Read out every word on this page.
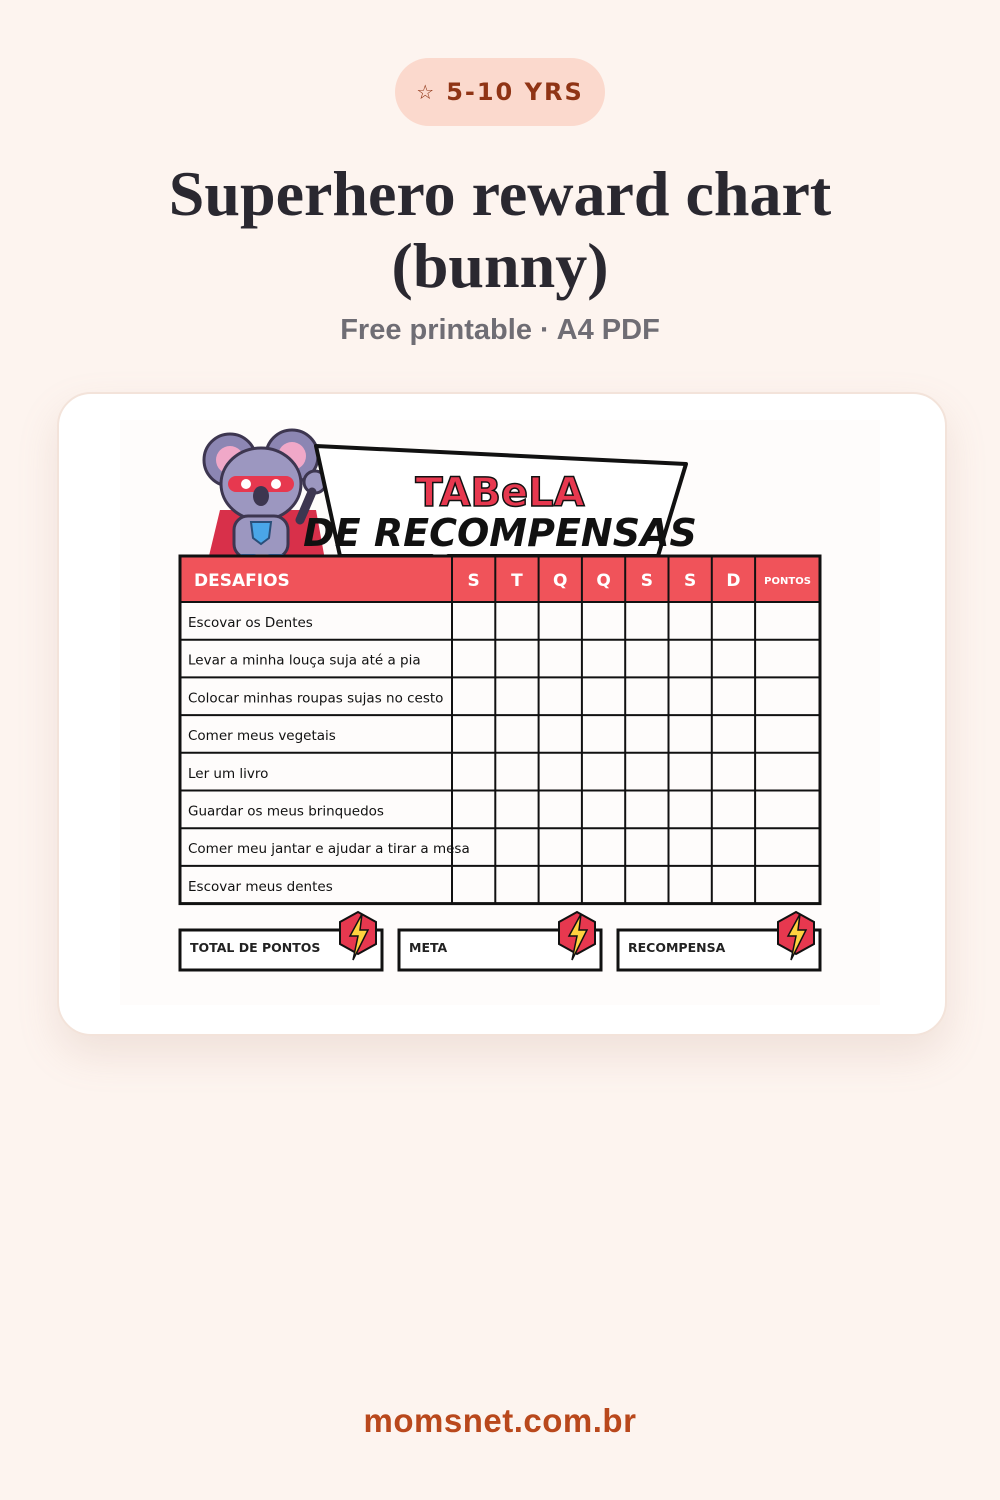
☆ 5-10 YRS
Superhero reward chart
(bunny)
Free printable · A4 PDF
TABeLA
DE RECOMPENSAS
DESAFIOS	S T Q Q S S D PONTOS
Escovar os Dentes
Levar a minha louça suja até a pia
Colocar minhas roupas sujas no cesto
Comer meus vegetais
Ler um livro
Guardar os meus brinquedos
Comer meu jantar e ajudar a tirar a mesa
Escovar meus dentes
TOTAL DE PONTOS	META	RECOMPENSA
momsnet.com.br
